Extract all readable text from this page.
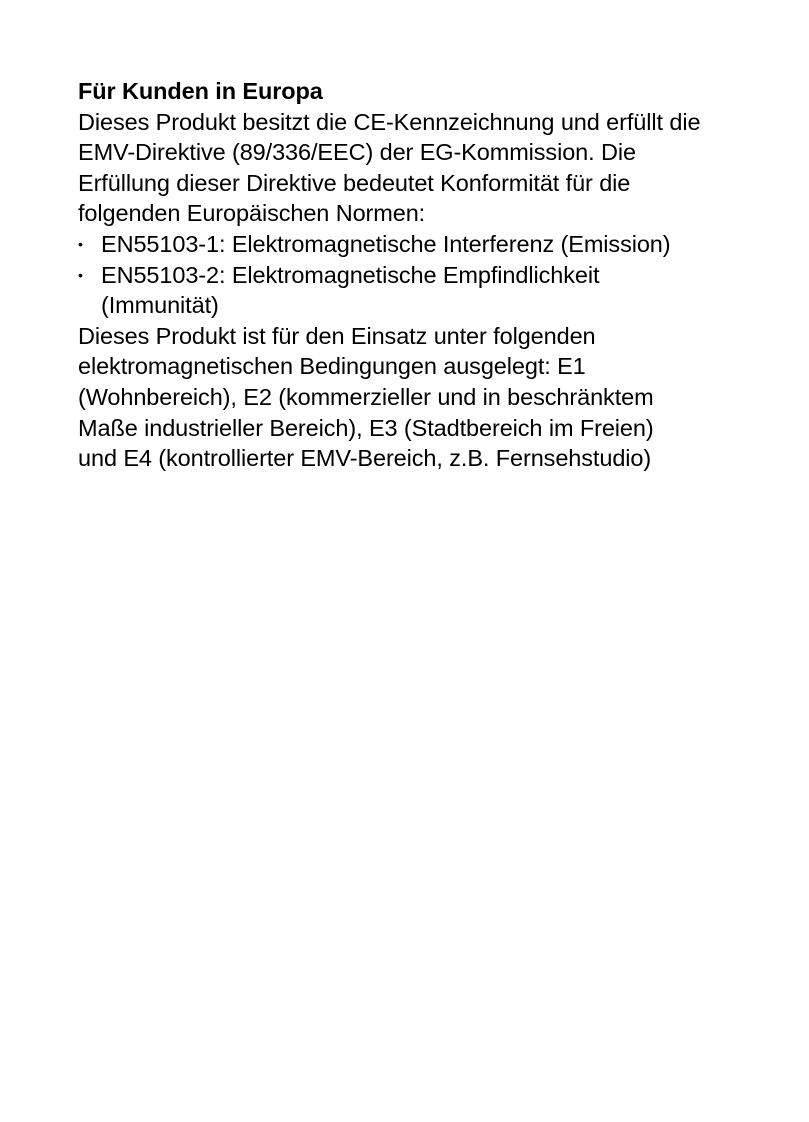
Für Kunden in Europa

Dieses Produkt besitzt die CE-Kennzeichnung und erfüllt die EMV-Direktive (89/336/EEC) der EG-Kommission. Die Erfüllung dieser Direktive bedeutet Konformität für die folgenden Europäischen Normen:

• EN55103-1: Elektromagnetische Interferenz (Emission)
• EN55103-2: Elektromagnetische Empfindlichkeit (Immunität)

Dieses Produkt ist für den Einsatz unter folgenden elektromagnetischen Bedingungen ausgelegt: E1 (Wohnbereich), E2 (kommerzieller und in beschränktem Maße industrieller Bereich), E3 (Stadtbereich im Freien) und E4 (kontrollierter EMV-Bereich, z.B. Fernsehstudio)
